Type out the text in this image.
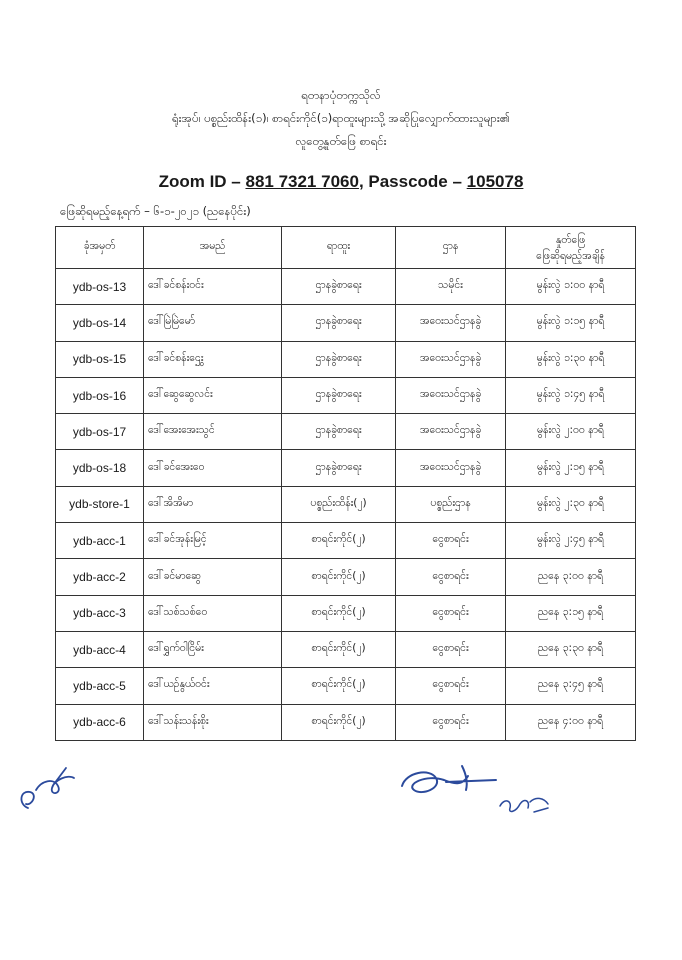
ရတနာပုံတက္ကသိုလ်
ရုံးအုပ်၊ ပစ္စည်းထိန်း(၁)၊ စာရင်းကိုင်(၁)ရာထူးများသို့ အဆိုပြုလျှောက်ထားသူများ၏
လူတွေ့နှုတ်ဖြေ စာရင်း
Zoom ID – 881 7321 7060, Passcode – 105078
ဖြေဆိုရမည့်နေ့ရက် – ၆-၁-၂၀၂၁ (ညနေပိုင်း)
ခုံအမှတ်	အမည်	ရာထူး	ဌာန	နှုတ်ဖြေ
ဖြေဆိုရမည့်အချိန်

ydb-os-13	ဒေါ်ခင်စန်းဝင်း	ဌာနခွဲစာရေး	သမိုင်း	မွန်းလွဲ ၁:၀၀ နာရီ
ydb-os-14	ဒေါ်မြဲမြဲမော်	ဌာနခွဲစာရေး	အဝေးသင်ဌာနခွဲ	မွန်းလွဲ ၁:၁၅ နာရီ
ydb-os-15	ဒေါ်ခင်စန်းဌွေး	ဌာနခွဲစာရေး	အဝေးသင်ဌာနခွဲ	မွန်းလွဲ ၁:၃၀ နာရီ
ydb-os-16	ဒေါ်ဆွေဆွေလင်း	ဌာနခွဲစာရေး	အဝေးသင်ဌာနခွဲ	မွန်းလွဲ ၁:၄၅ နာရီ
ydb-os-17	ဒေါ်အေးအေးသွင်	ဌာနခွဲစာရေး	အဝေးသင်ဌာနခွဲ	မွန်းလွဲ ၂:၀၀ နာရီ
ydb-os-18	ဒေါ်ခင်အေးဝေ	ဌာနခွဲစာရေး	အဝေးသင်ဌာနခွဲ	မွန်းလွဲ ၂:၁၅ နာရီ
ydb-store-1	ဒေါ်အိအိမာ	ပစ္စည်းထိန်း(၂)	ပစ္စည်းဌာန	မွန်းလွဲ ၂:၃၀ နာရီ
ydb-acc-1	ဒေါ်ခင်အုန်းမြင့်	စာရင်းကိုင်(၂)	ငွေစာရင်း	မွန်းလွဲ ၂:၄၅ နာရီ
ydb-acc-2	ဒေါ်ခင်မာဆွေ	စာရင်းကိုင်(၂)	ငွေစာရင်း	ညနေ ၃:၀၀ နာရီ
ydb-acc-3	ဒေါ်သစ်သစ်ဝေ	စာရင်းကိုင်(၂)	ငွေစာရင်း	ညနေ ၃:၁၅ နာရီ
ydb-acc-4	ဒေါ်ရွှက်ဝါငြိမ်း	စာရင်းကိုင်(၂)	ငွေစာရင်း	ညနေ ၃:၃၀ နာရီ
ydb-acc-5	ဒေါ်ယဉ်နွယ်ဝင်း	စာရင်းကိုင်(၂)	ငွေစာရင်း	ညနေ ၃:၄၅ နာရီ
ydb-acc-6	ဒေါ်သန်းသန်းစိုး	စာရင်းကိုင်(၂)	ငွေစာရင်း	ညနေ ၄:၀၀ နာရီ
